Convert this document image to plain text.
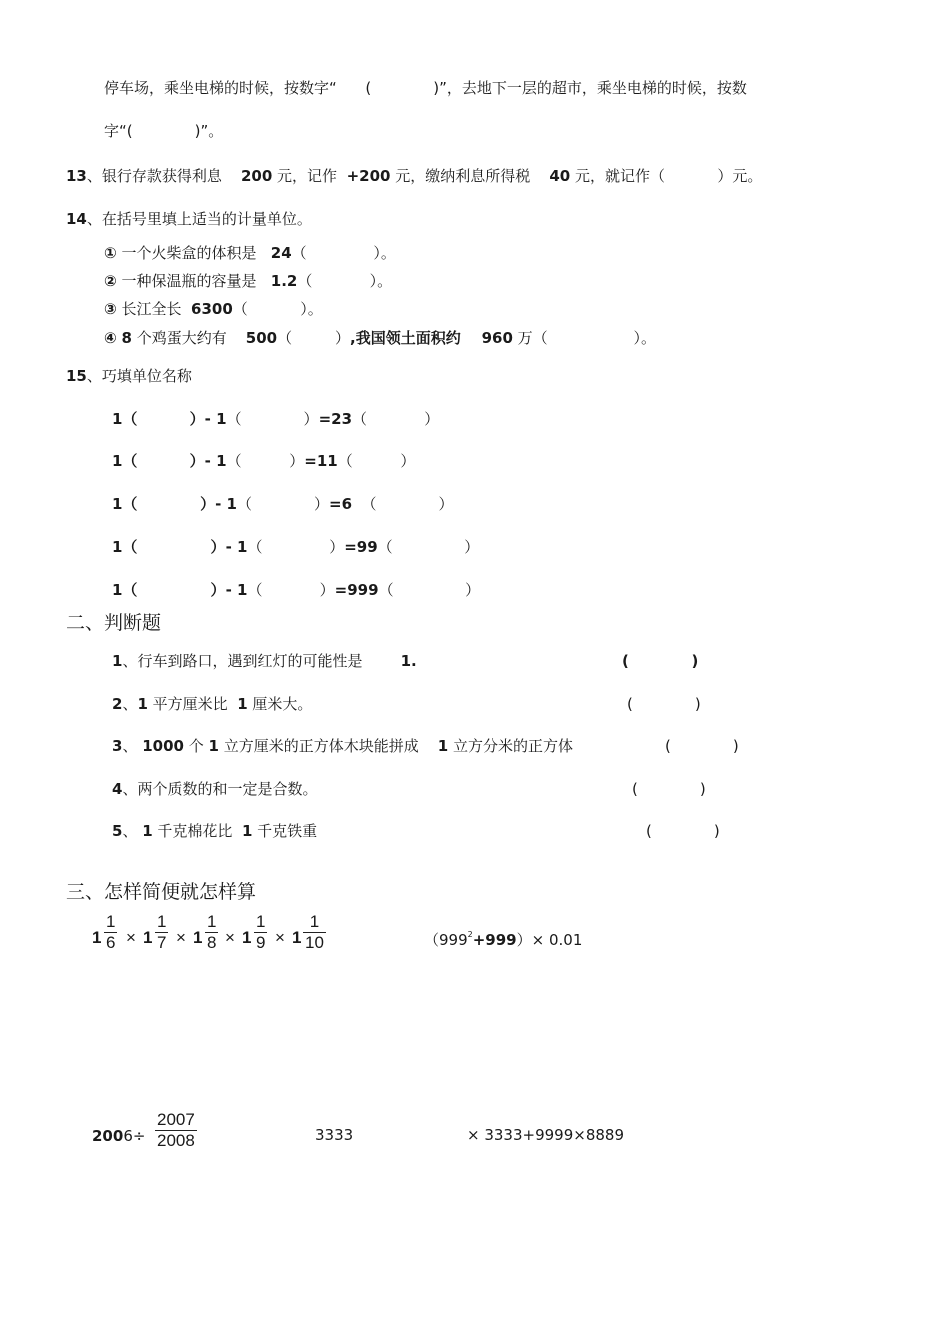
停车场，乘坐电梯的时候，按数字“      (             )”，去地下一层的超市，乘坐电梯的时候，按数
字“(             )”。
13、银行存款获得利息    200 元，记作  +200 元，缴纳利息所得税    40 元，就记作（           ）元。
14、在括号里填上适当的计量单位。
① 一个火柴盒的体积是   24（              ）。
② 一种保温瓶的容量是   1.2（            ）。
③ 长江全长  6300（           ）。
④ 8 个鸡蛋大约有    500（         ）,我国领土面积约    960 万（                  ）。
15、巧填单位名称
1（          ）- 1（             ）=23（            ）
1（          ）- 1（          ）=11（          ）
1（            ）- 1（             ）=6  （             ）
1（              ）- 1（              ）=99（               ）
1（              ）- 1（            ）=999（               ）
二、判断题
1、行车到路口，遇到红灯的可能性是        1.	(            )
2、1 平方厘米比  1 厘米大。	(             )
3、 1000 个 1 立方厘米的正方体木块能拼成    1 立方分米的正方体	(             )
4、两个质数的和一定是合数。	(             )
5、 1 千克棉花比  1 千克铁重	(             )
三、怎样简便就怎样算
1
1
6 × 1
1
7 × 1
1
8 × 1
1
9 × 1
1
10	$(999^2+999)\times 0.01$
2006÷
2007
2008	3333	× 3333+9999×8889
